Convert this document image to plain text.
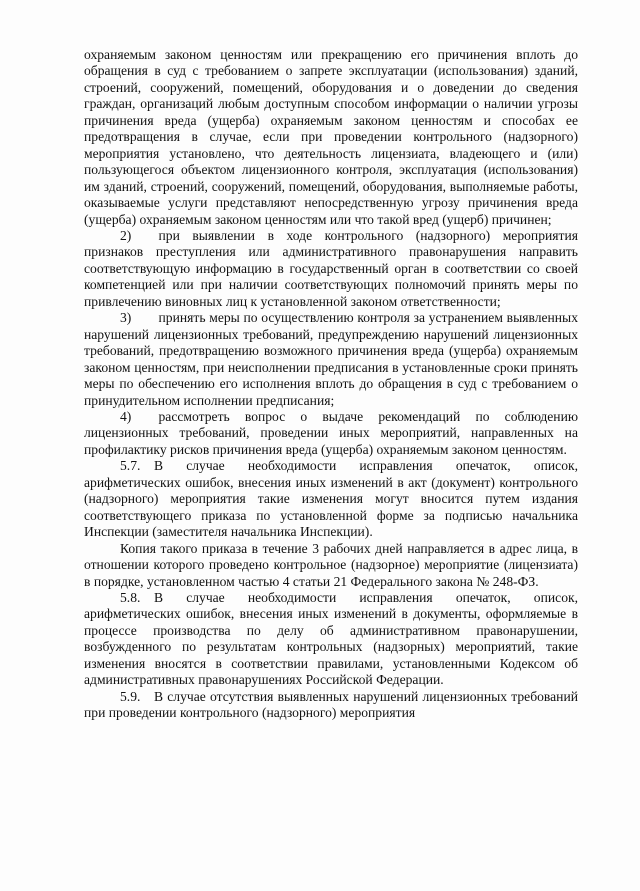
охраняемым законом ценностям или прекращению его причинения вплоть до обращения в суд с требованием о запрете эксплуатации (использования) зданий, строений, сооружений, помещений, оборудования и о доведении до сведения граждан, организаций любым доступным способом информации о наличии угрозы причинения вреда (ущерба) охраняемым законом ценностям и способах ее предотвращения в случае, если при проведении контрольного (надзорного) мероприятия установлено, что деятельность лицензиата, владеющего и (или) пользующегося объектом лицензионного контроля, эксплуатация (использования) им зданий, строений, сооружений, помещений, оборудования, выполняемые работы, оказываемые услуги представляют непосредственную угрозу причинения вреда (ущерба) охраняемым законом ценностям или что такой вред (ущерб) причинен;

2)  при выявлении в ходе контрольного (надзорного) мероприятия признаков преступления или административного правонарушения направить соответствующую информацию в государственный орган в соответствии со своей компетенцией или при наличии соответствующих полномочий принять меры по привлечению виновных лиц к установленной законом ответственности;

3)  принять меры по осуществлению контроля за устранением выявленных нарушений лицензионных требований, предупреждению нарушений лицензионных требований, предотвращению возможного причинения вреда (ущерба) охраняемым законом ценностям, при неисполнении предписания в установленные сроки принять меры по обеспечению его исполнения вплоть до обращения в суд с требованием о принудительном исполнении предписания;

4)  рассмотреть вопрос о выдаче рекомендаций по соблюдению лицензионных требований, проведении иных мероприятий, направленных на профилактику рисков причинения вреда (ущерба) охраняемым законом ценностям.

5.7. В случае необходимости исправления опечаток, описок, арифметических ошибок, внесения иных изменений в акт (документ) контрольного (надзорного) мероприятия такие изменения могут вносится путем издания соответствующего приказа по установленной форме за подписью начальника Инспекции (заместителя начальника Инспекции).

Копия такого приказа в течение 3 рабочих дней направляется в адрес лица, в отношении которого проведено контрольное (надзорное) мероприятие (лицензиата) в порядке, установленном частью 4 статьи 21 Федерального закона № 248-ФЗ.

5.8. В случае необходимости исправления опечаток, описок, арифметических ошибок, внесения иных изменений в документы, оформляемые в процессе производства по делу об административном правонарушении, возбужденного по результатам контрольных (надзорных) мероприятий, такие изменения вносятся в соответствии правилами, установленными Кодексом об административных правонарушениях Российской Федерации.

5.9. В случае отсутствия выявленных нарушений лицензионных требований при проведении контрольного (надзорного) мероприятия
